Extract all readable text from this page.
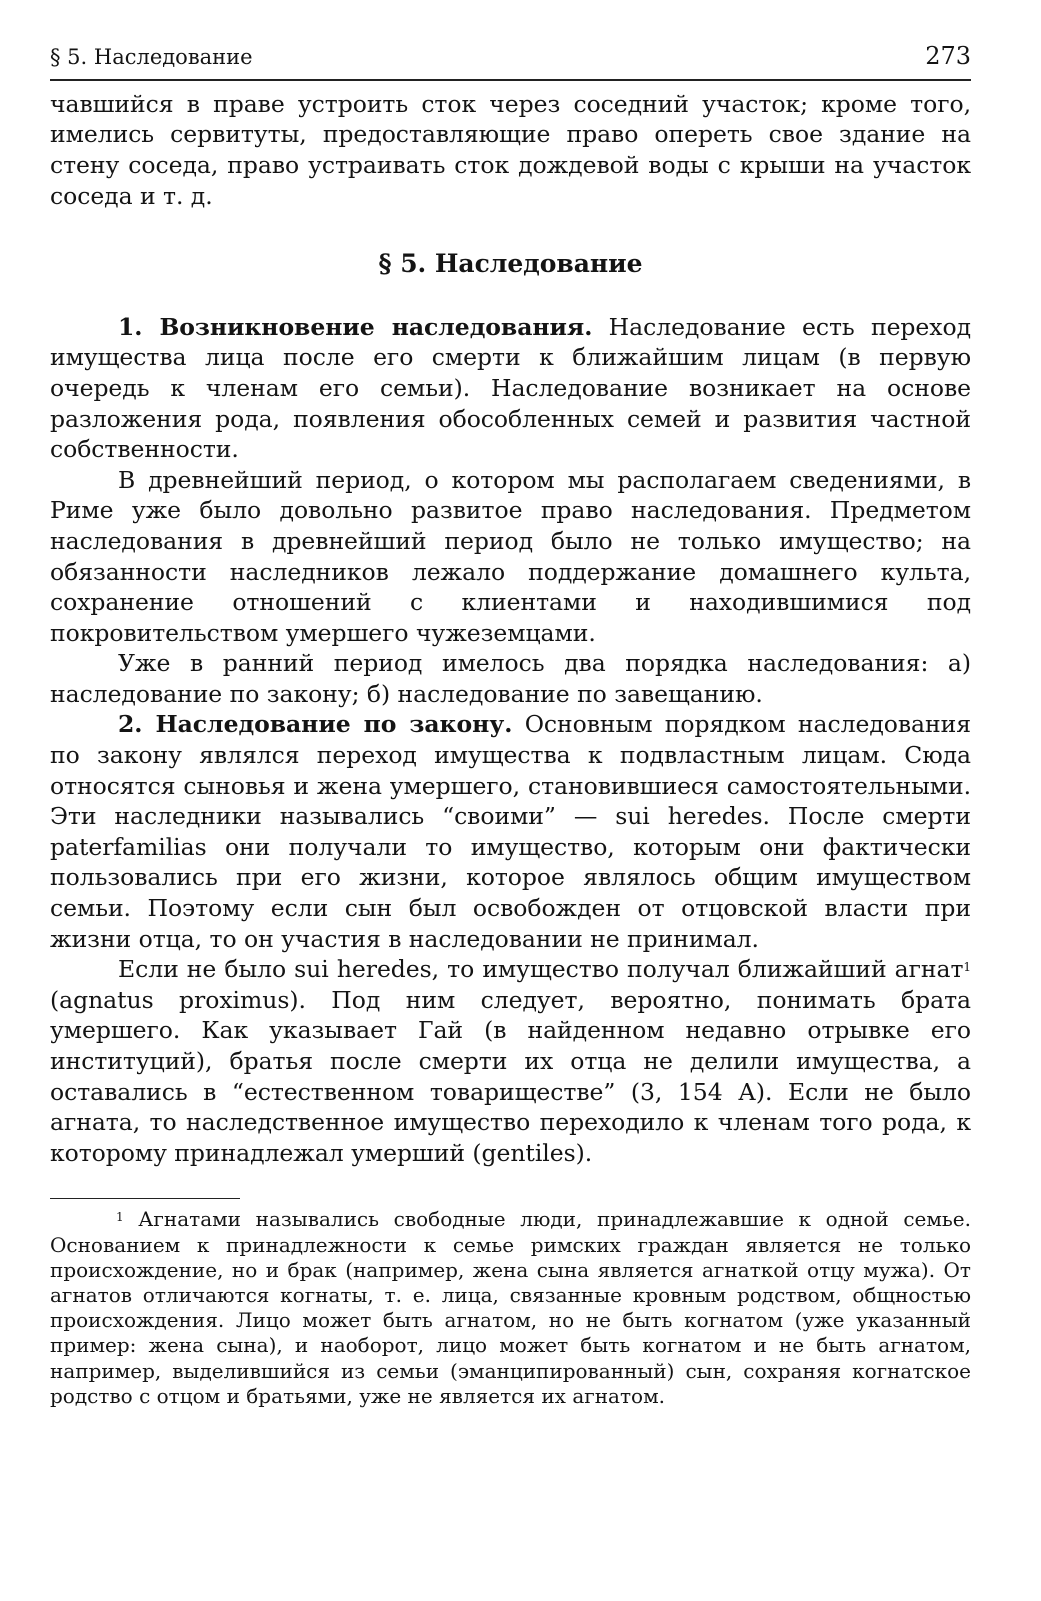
§ 5. Наследование	273

чавшийся в праве устроить сток через соседний участок; кроме того, имелись сервитуты, предоставляющие право опереть свое здание на стену соседа, право устраивать сток дождевой воды с крыши на участок соседа и т. д.

§ 5. Наследование

1. Возникновение наследования. Наследование есть переход имущества лица после его смерти к ближайшим лицам (в первую очередь к членам его семьи). Наследование возникает на основе разложения рода, появления обособленных семей и развития частной собственности.

В древнейший период, о котором мы располагаем сведениями, в Риме уже было довольно развитое право наследования. Предметом наследования в древнейший период было не только имущество; на обязанности наследников лежало поддержание домашнего культа, сохранение отношений с клиентами и находившимися под покровительством умершего чужеземцами.

Уже в ранний период имелось два порядка наследования: а) наследование по закону; б) наследование по завещанию.

2. Наследование по закону. Основным порядком наследования по закону являлся переход имущества к подвластным лицам. Сюда относятся сыновья и жена умершего, становившиеся самостоятельными. Эти наследники назывались “своими” — sui heredes. После смерти paterfamilias они получали то имущество, которым они фактически пользовались при его жизни, которое являлось общим имуществом семьи. Поэтому если сын был освобожден от отцовской власти при жизни отца, то он участия в наследовании не принимал.

Если не было sui heredes, то имущество получал ближайший агнат$^1$ (agnatus proximus). Под ним следует, вероятно, понимать брата умершего. Как указывает Гай (в найденном недавно отрывке его институций), братья после смерти их отца не делили имущества, а оставались в “естественном товариществе” (3, 154 А). Если не было агната, то наследственное имущество переходило к членам того рода, к которому принадлежал умерший (gentiles).

$^1$ Агнатами назывались свободные люди, принадлежавшие к одной семье. Основанием к принадлежности к семье римских граждан является не только происхождение, но и брак (например, жена сына является агнаткой отцу мужа). От агнатов отличаются когнаты, т. е. лица, связанные кровным родством, общностью происхождения. Лицо может быть агнатом, но не быть когнатом (уже указанный пример: жена сына), и наоборот, лицо может быть когнатом и не быть агнатом, например, выделившийся из семьи (эманципированный) сын, сохраняя когнатское родство с отцом и братьями, уже не является их агнатом.
